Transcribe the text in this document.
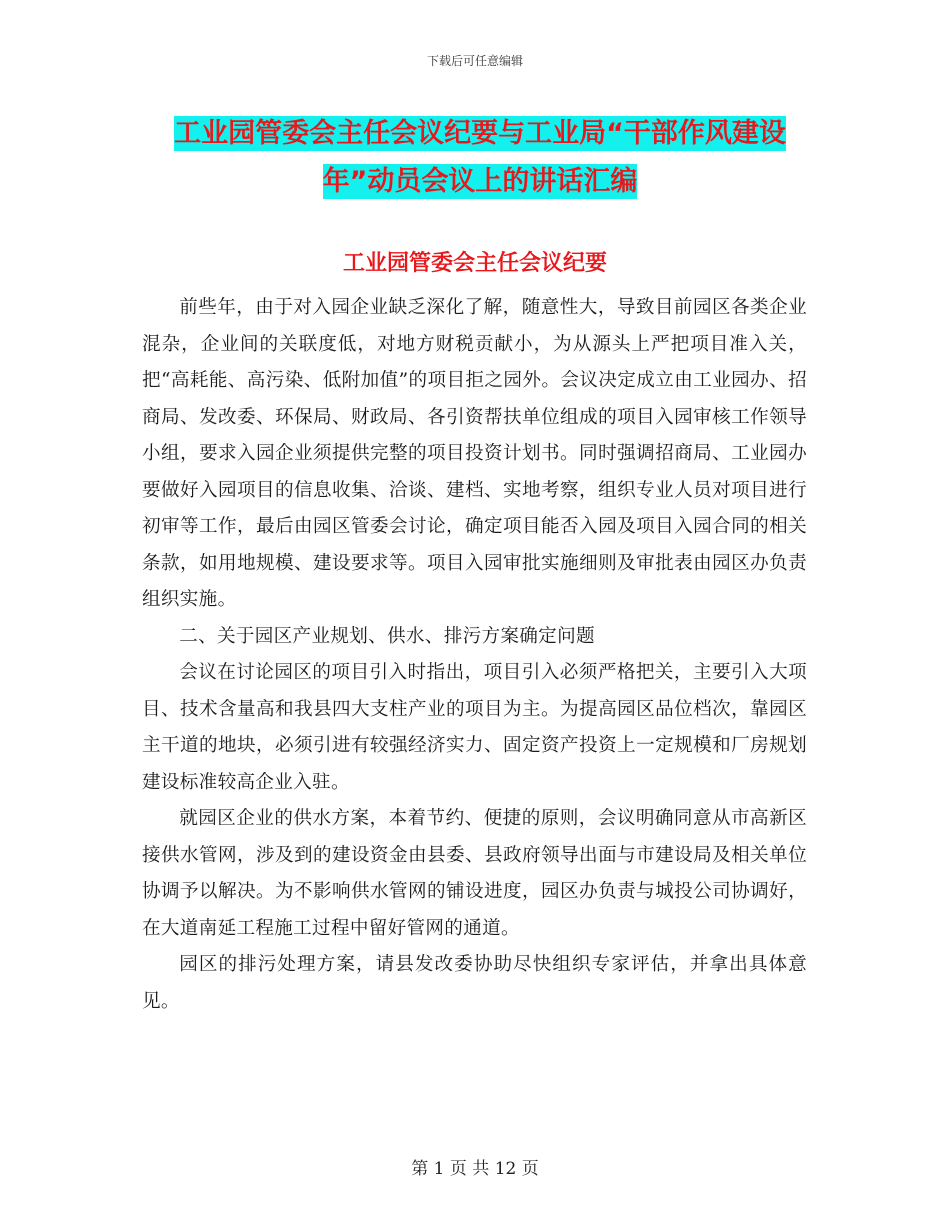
下载后可任意编辑
工业园管委会主任会议纪要与工业局“干部作风建设
年”动员会议上的讲话汇编
工业园管委会主任会议纪要

前些年，由于对入园企业缺乏深化了解，随意性大，导致目前园区各类企业混杂，企业间的关联度低，对地方财税贡献小，为从源头上严把项目准入关，把“高耗能、高污染、低附加值”的项目拒之园外。会议决定成立由工业园办、招商局、发改委、环保局、财政局、各引资帮扶单位组成的项目入园审核工作领导小组，要求入园企业须提供完整的项目投资计划书。同时强调招商局、工业园办要做好入园项目的信息收集、洽谈、建档、实地考察，组织专业人员对项目进行初审等工作，最后由园区管委会讨论，确定项目能否入园及项目入园合同的相关条款，如用地规模、建设要求等。项目入园审批实施细则及审批表由园区办负责组织实施。

二、关于园区产业规划、供水、排污方案确定问题

会议在讨论园区的项目引入时指出，项目引入必须严格把关，主要引入大项目、技术含量高和我县四大支柱产业的项目为主。为提高园区品位档次，靠园区主干道的地块，必须引进有较强经济实力、固定资产投资上一定规模和厂房规划建设标准较高企业入驻。

就园区企业的供水方案，本着节约、便捷的原则，会议明确同意从市高新区接供水管网，涉及到的建设资金由县委、县政府领导出面与市建设局及相关单位协调予以解决。为不影响供水管网的铺设进度，园区办负责与城投公司协调好，在大道南延工程施工过程中留好管网的通道。

园区的排污处理方案，请县发改委协助尽快组织专家评估，并拿出具体意见。

第 1 页 共 12 页
